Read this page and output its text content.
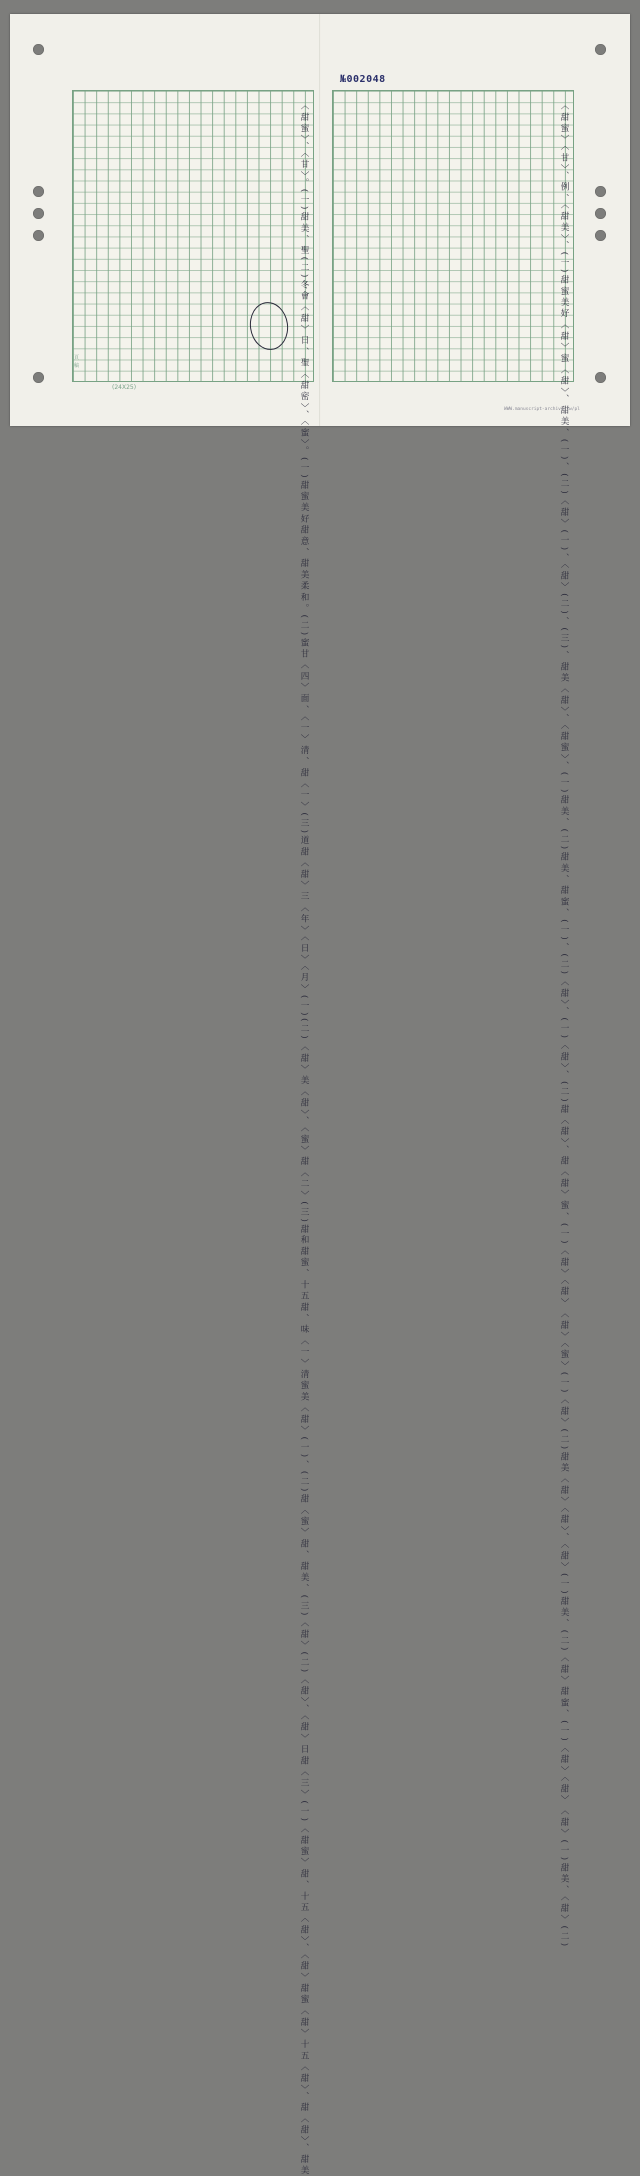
№002048
〈甜蜜〉、〈甘〉。(一)甜美、聖(二)冬會〈甜〉日、聖〈甜密〉、〈蜜〉。(一)甜蜜美好甜意、甜美柔和。(二)蜜甘〈四〉面、〈一〉清、甜〈一〉(三)道甜〈甜〉三〈年〉〈日〉〈月〉(一)(二)〈甜〉美〈甜〉、〈蜜〉甜〈二〉(三)甜和甜蜜、十五甜、味〈一〉清蜜美〈甜〉(一)、(二)甜〈蜜〉甜、甜美、(三)〈甜〉(二)〈甜〉、〈甜〉日甜〈三〉(一)〈甜蜜〉甜、十五〈甜〉、〈甜〉甜蜜〈甜〉十五〈甜〉、甜〈甜〉、甜美
〈甜蜜〉〈甘〉、例、〈甜美〉、(一)甜蜜美好〈甜〉蜜〈甜〉、甜美、(一)、(二)〈甜〉(一)、〈甜〉(二)、(三)、甜美〈甜〉、〈甜蜜〉、(一)甜美、(二)甜美、甜蜜、(一)、(二)〈甜〉、(一)〈甜〉、(二)甜〈甜〉、甜〈甜〉蜜、(一)〈甜〉〈甜〉〈甜〉〈蜜〉(一)〈甜〉(二)甜美〈甜〉〈甜〉、〈甜〉(一)甜美、(二)〈甜〉甜蜜、(一)〈甜〉〈甜〉〈甜〉(一)甜美、〈甜〉(二)
頁
稿
(24X25)
WWW.manuscript-archive.tw/pl
